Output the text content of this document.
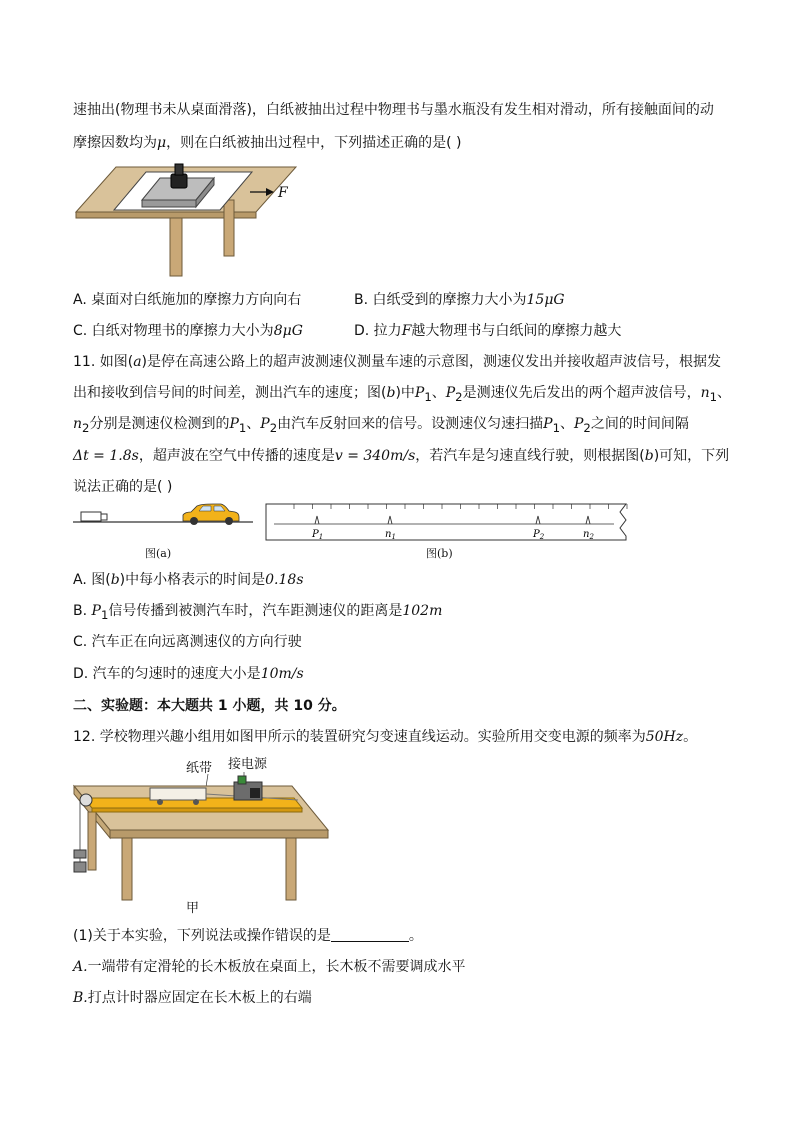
速抽出(物理书未从桌面滑落)，白纸被抽出过程中物理书与墨水瓶没有发生相对滑动，所有接触面间的动
摩擦因数均为μ，则在白纸被抽出过程中，下列描述正确的是( )
F
A. 桌面对白纸施加的摩擦力方向向右	B. 白纸受到的摩擦力大小为15μG
C. 白纸对物理书的摩擦力大小为8μG	D. 拉力F越大物理书与白纸间的摩擦力越大
11. 如图(a)是停在高速公路上的超声波测速仪测量车速的示意图，测速仪发出并接收超声波信号，根据发
出和接收到信号间的时间差，测出汽车的速度；图(b)中$P_1$、$P_2$是测速仪先后发出的两个超声波信号，$n_1$、
$n_2$分别是测速仪检测到的$P_1$、$P_2$由汽车反射回来的信号。设测速仪匀速扫描$P_1$、$P_2$之间的时间间隔
Δt = 1.8s，超声波在空气中传播的速度是v = 340m/s，若汽车是匀速直线行驶，则根据图(b)可知，下列
说法正确的是( )
图(a)
$P_1$	$n_1$	$P_2$	$n_2$
图(b)
A. 图(b)中每小格表示的时间是0.18s
B. $P_1$信号传播到被测汽车时，汽车距测速仪的距离是102m
C. 汽车正在向远离测速仪的方向行驶
D. 汽车的匀速时的速度大小是10m/s
二、实验题：本大题共 1 小题，共 10 分。
12. 学校物理兴趣小组用如图甲所示的装置研究匀变速直线运动。实验所用交变电源的频率为50Hz。
纸带 接电源
甲
(1)关于本实验，下列说法或操作错误的是	。
A.一端带有定滑轮的长木板放在桌面上，长木板不需要调成水平
B.打点计时器应固定在长木板上的右端
